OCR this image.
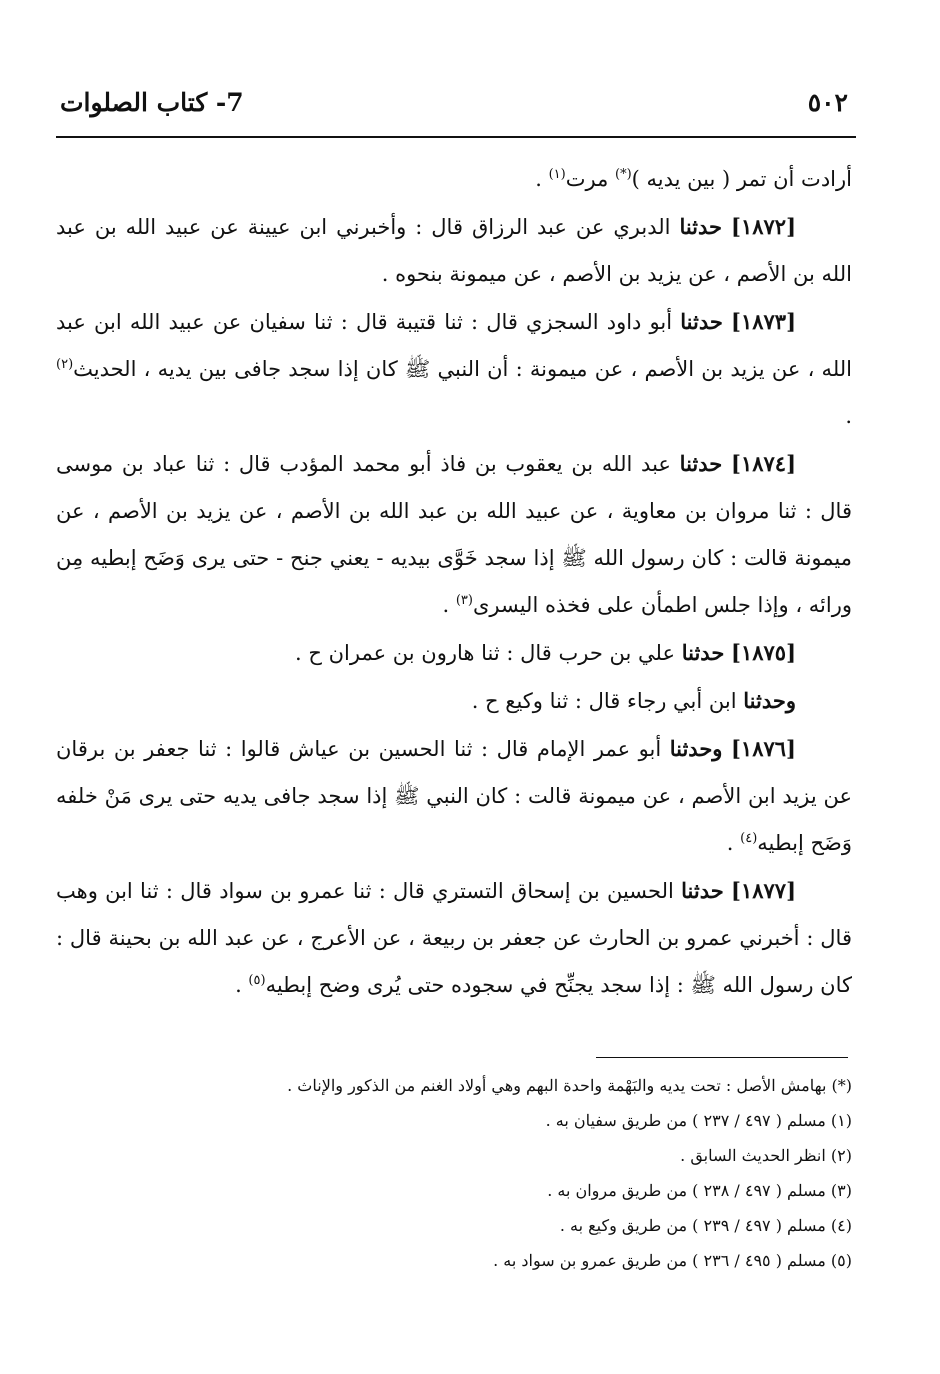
7- كتاب الصلوات	٥٠٢

أرادت أن تمر ( بين يديه )(*) مرت$^{(١)}$ .

[١٨٧٢] حدثنا الدبري عن عبد الرزاق قال : وأخبرني ابن عيينة عن عبيد الله بن عبد الله بن الأصم ، عن يزيد بن الأصم ، عن ميمونة بنحوه .

[١٨٧٣] حدثنا أبو داود السجزي قال : ثنا قتيبة قال : ثنا سفيان عن عبيد الله ابن عبد الله ، عن يزيد بن الأصم ، عن ميمونة : أن النبي ﷺ كان إذا سجد جافى بين يديه ، الحديث$^{(٢)}$ .

[١٨٧٤] حدثنا عبد الله بن يعقوب بن فاذ أبو محمد المؤدب قال : ثنا عباد بن موسى قال : ثنا مروان بن معاوية ، عن عبيد الله بن عبد الله بن الأصم ، عن يزيد بن الأصم ، عن ميمونة قالت : كان رسول الله ﷺ إذا سجد خَوَّى بيديه - يعني جنح - حتى يرى وَضَح إبطيه مِن ورائه ، وإذا جلس اطمأن على فخذه اليسرى$^{(٣)}$ .

[١٨٧٥] حدثنا علي بن حرب قال : ثنا هارون بن عمران ح .

وحدثنا ابن أبي رجاء قال : ثنا وكيع ح .

[١٨٧٦] وحدثنا أبو عمر الإمام قال : ثنا الحسين بن عياش قالوا : ثنا جعفر بن برقان عن يزيد ابن الأصم ، عن ميمونة قالت : كان النبي ﷺ إذا سجد جافى يديه حتى يرى مَنْ خلفه وَضَح إبطيه$^{(٤)}$ .

[١٨٧٧] حدثنا الحسين بن إسحاق التستري قال : ثنا عمرو بن سواد قال : ثنا ابن وهب قال : أخبرني عمرو بن الحارث عن جعفر بن ربيعة ، عن الأعرج ، عن عبد الله بن بحينة قال : كان رسول الله ﷺ : إذا سجد يجنِّح في سجوده حتى يُرى وضح إبطيه$^{(٥)}$ .

(*) بهامش الأصل : تحت يديه والبَهْمة واحدة البهم وهي أولاد الغنم من الذكور والإناث .

(١) مسلم ( ٤٩٧ / ٢٣٧ ) من طريق سفيان به .

(٢) انظر الحديث السابق .

(٣) مسلم ( ٤٩٧ / ٢٣٨ ) من طريق مروان به .

(٤) مسلم ( ٤٩٧ / ٢٣٩ ) من طريق وكيع به .

(٥) مسلم ( ٤٩٥ / ٢٣٦ ) من طريق عمرو بن سواد به .
